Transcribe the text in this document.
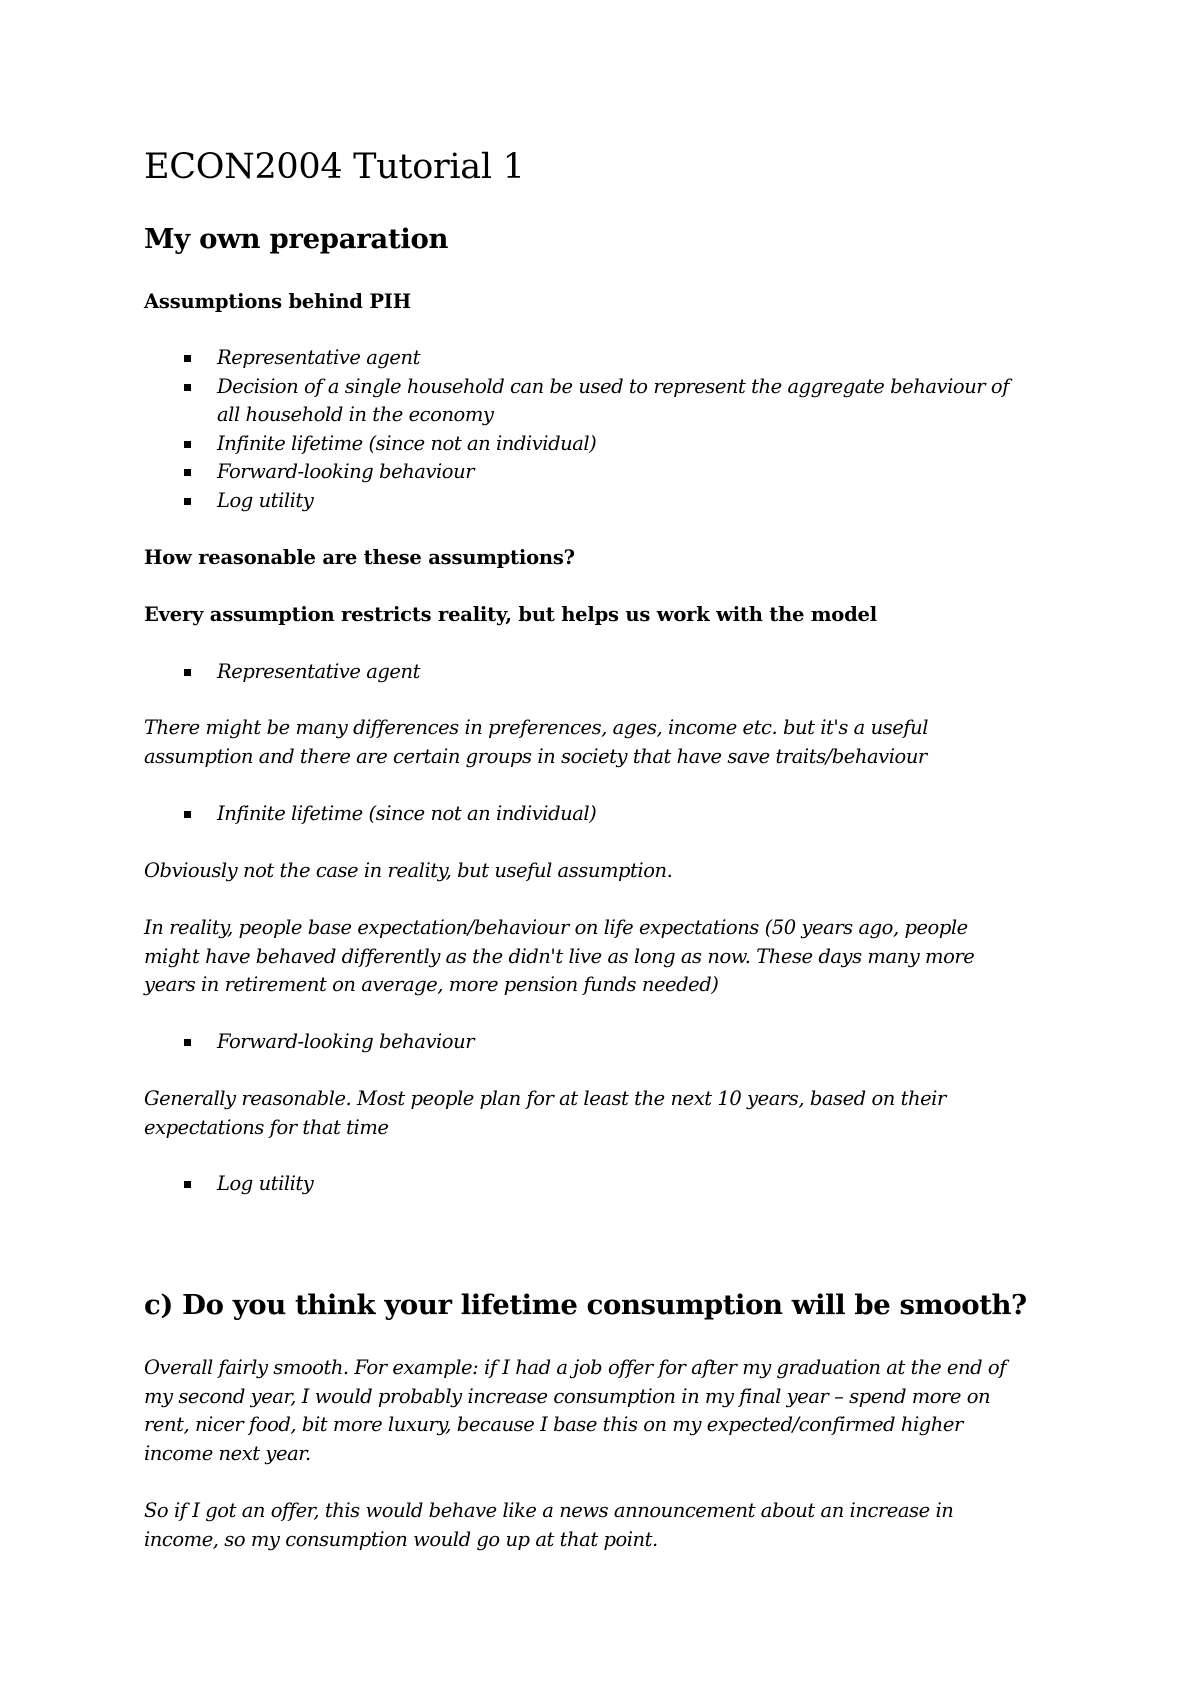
ECON2004 Tutorial 1
My own preparation

Assumptions behind PIH

Representative agent
Decision of a single household can be used to represent the aggregate behaviour of
all household in the economy
Infinite lifetime (since not an individual)
Forward-looking behaviour
Log utility

How reasonable are these assumptions?

Every assumption restricts reality, but helps us work with the model

Representative agent

There might be many differences in preferences, ages, income etc. but it's a useful
assumption and there are certain groups in society that have save traits/behaviour

Infinite lifetime (since not an individual)

Obviously not the case in reality, but useful assumption.

In reality, people base expectation/behaviour on life expectations (50 years ago, people
might have behaved differently as the didn't live as long as now. These days many more
years in retirement on average, more pension funds needed)

Forward-looking behaviour

Generally reasonable. Most people plan for at least the next 10 years, based on their
expectations for that time

Log utility
c) Do you think your lifetime consumption will be smooth?

Overall fairly smooth. For example: if I had a job offer for after my graduation at the end of
my second year, I would probably increase consumption in my final year – spend more on
rent, nicer food, bit more luxury, because I base this on my expected/confirmed higher
income next year.

So if I got an offer, this would behave like a news announcement about an increase in
income, so my consumption would go up at that point.
